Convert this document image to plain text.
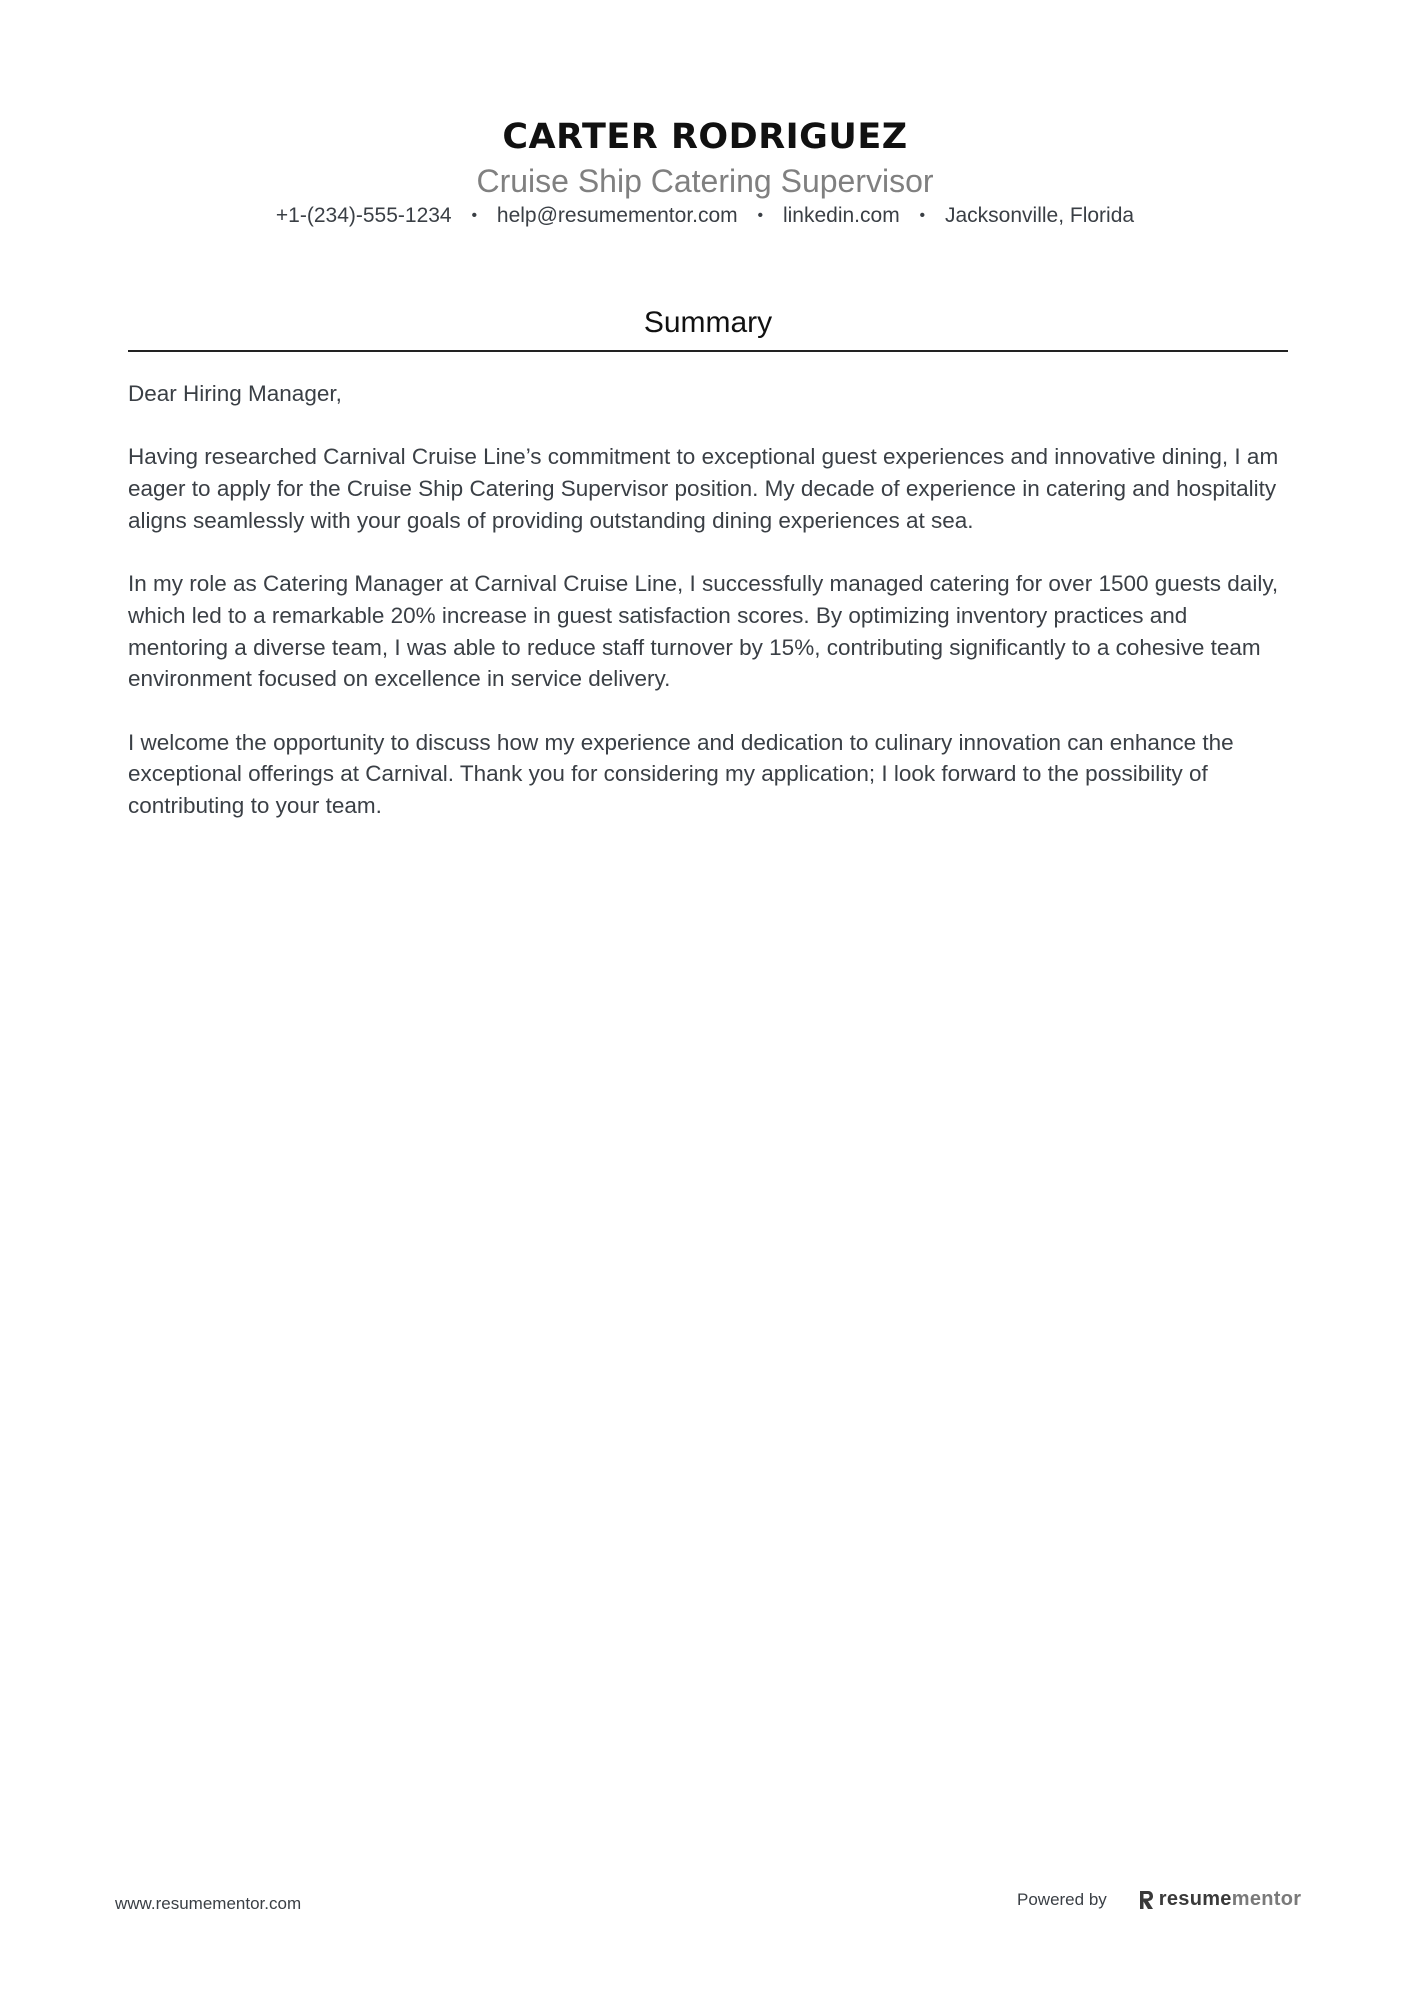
CARTER RODRIGUEZ
Cruise Ship Catering Supervisor
+1-(234)-555-1234 • help@resumementor.com • linkedin.com • Jacksonville, Florida
Summary

Dear Hiring Manager,

Having researched Carnival Cruise Line’s commitment to exceptional guest experiences and innovative dining, I am eager to apply for the Cruise Ship Catering Supervisor position. My decade of experience in catering and hospitality aligns seamlessly with your goals of providing outstanding dining experiences at sea.

In my role as Catering Manager at Carnival Cruise Line, I successfully managed catering for over 1500 guests daily, which led to a remarkable 20% increase in guest satisfaction scores. By optimizing inventory practices and mentoring a diverse team, I was able to reduce staff turnover by 15%, contributing significantly to a cohesive team environment focused on excellence in service delivery.

I welcome the opportunity to discuss how my experience and dedication to culinary innovation can enhance the exceptional offerings at Carnival. Thank you for considering my application; I look forward to the possibility of contributing to your team.

www.resumementor.com	Powered by	resumementor
